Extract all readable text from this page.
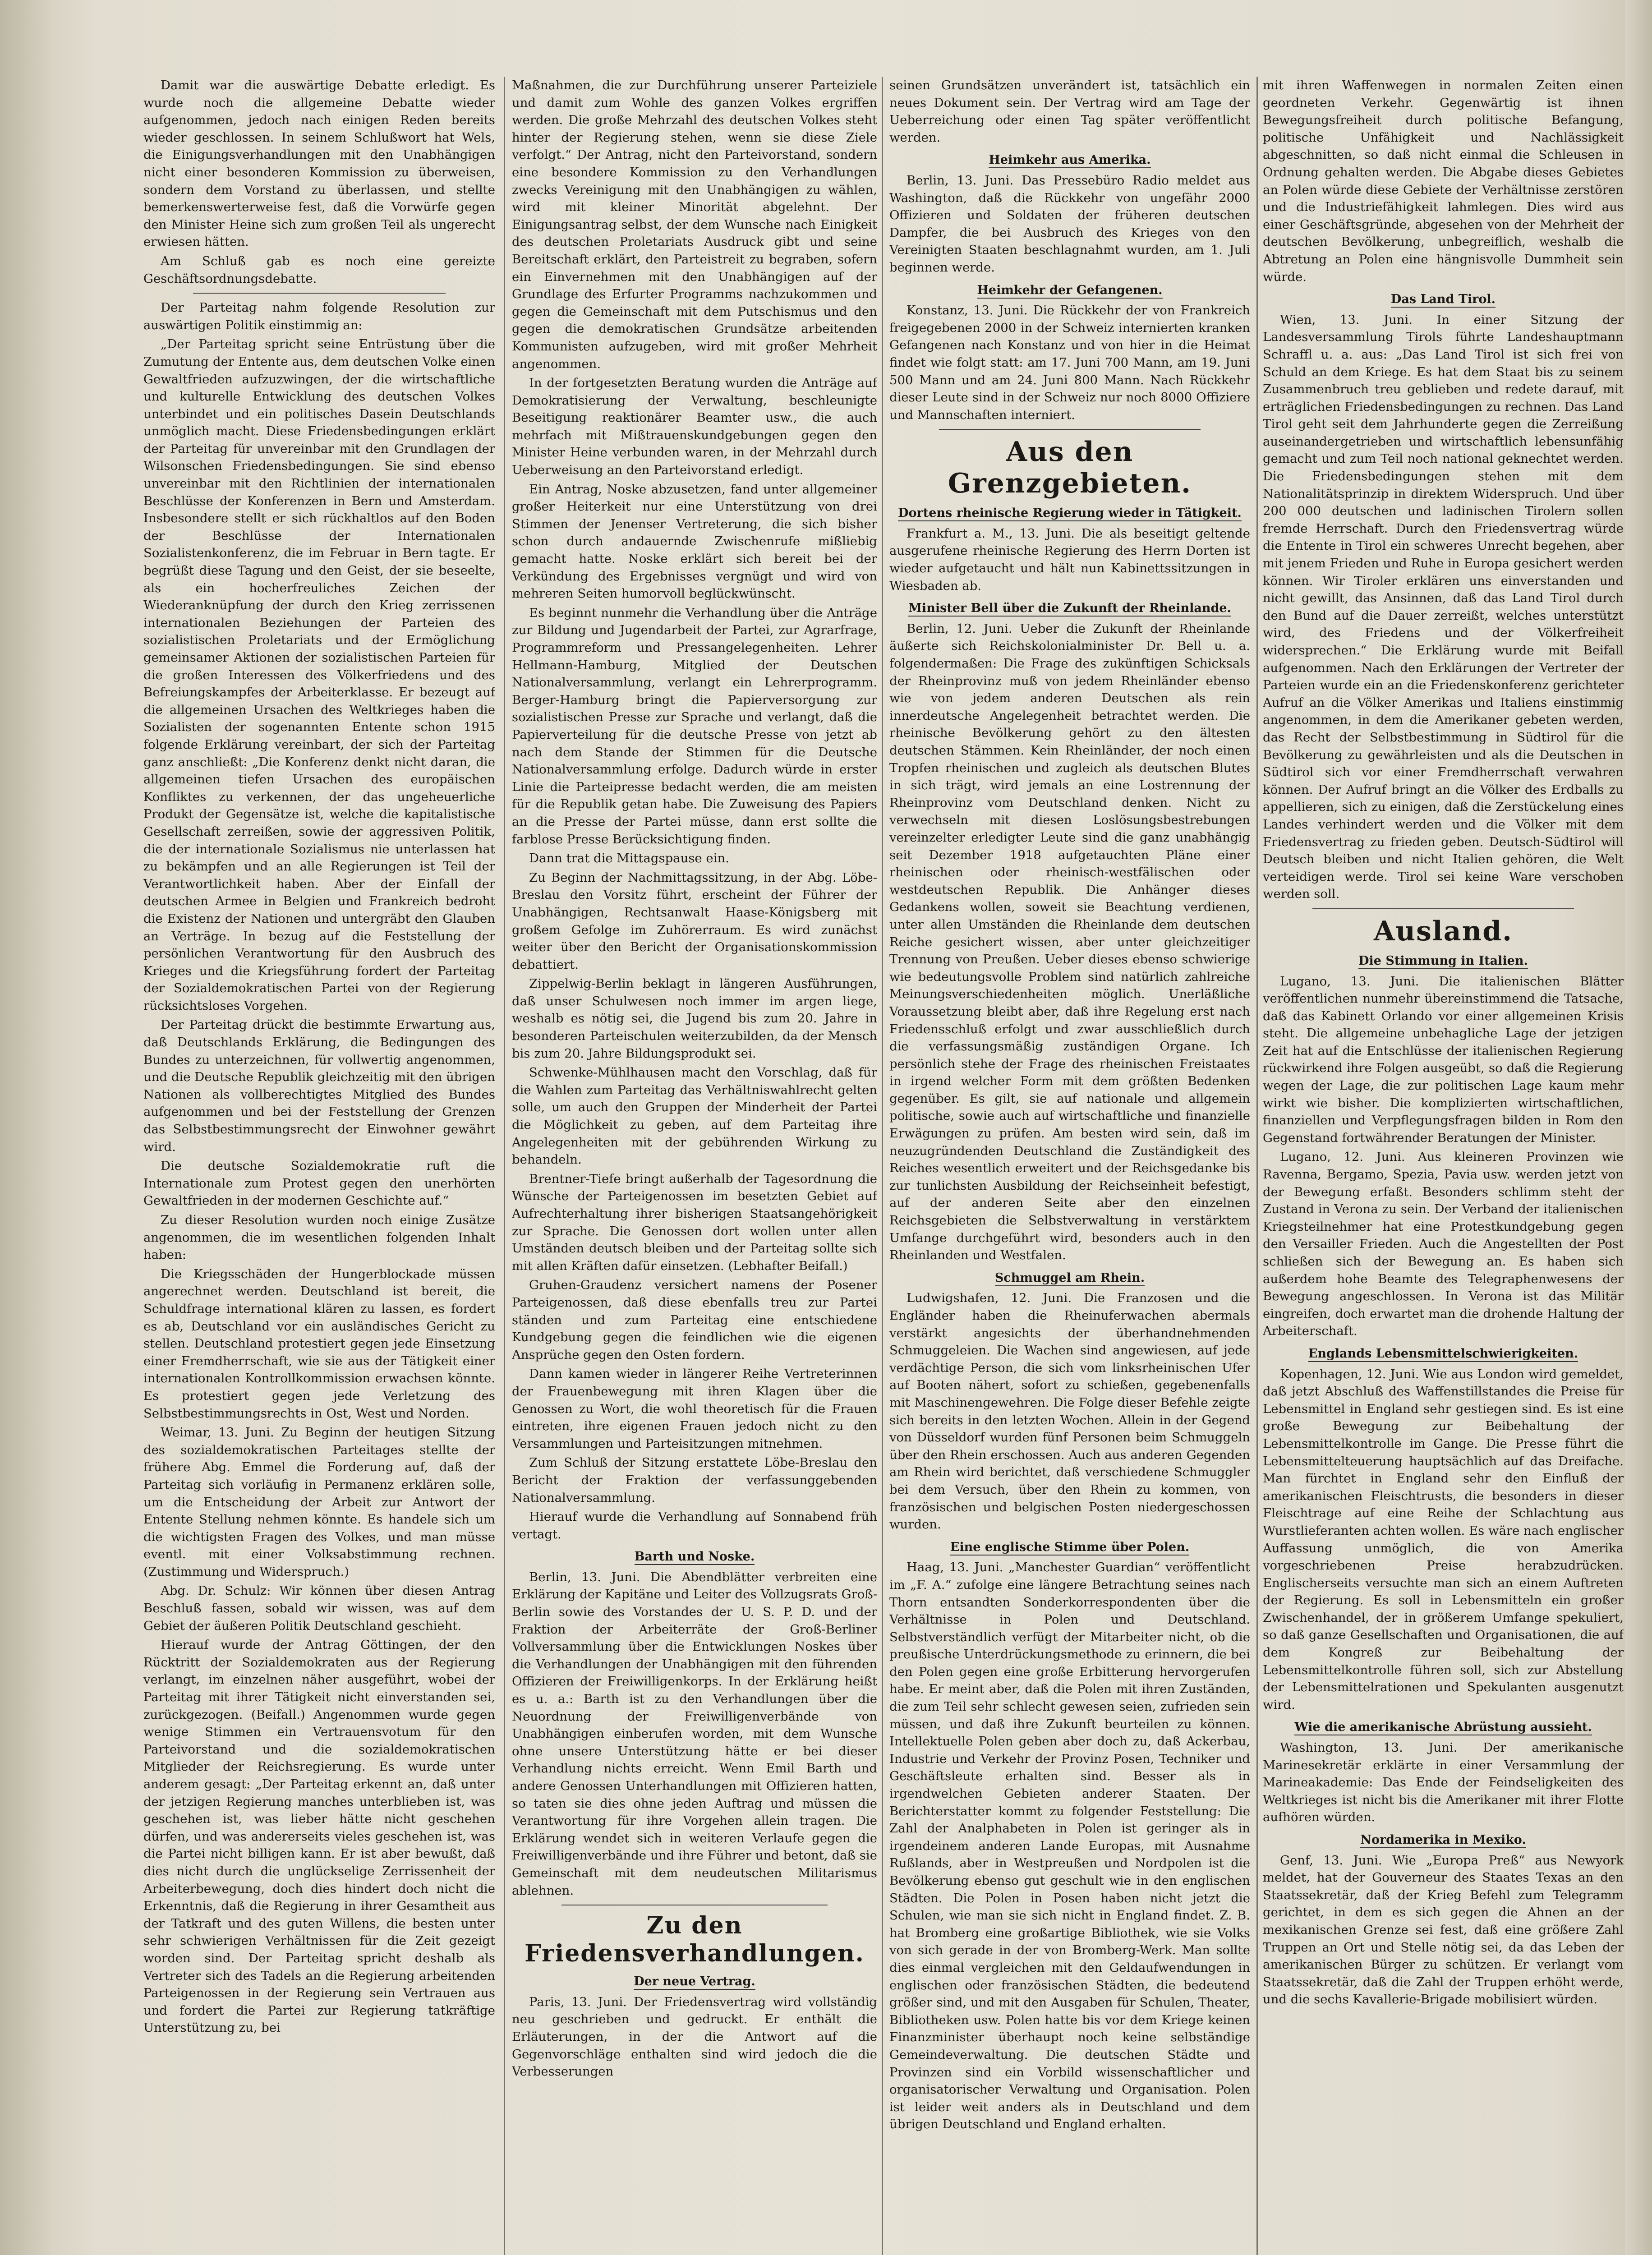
Damit war die auswärtige Debatte erledigt. Es wurde noch die allgemeine Debatte wieder aufgenommen, jedoch nach einigen Reden bereits wieder geschlossen. In seinem Schlußwort hat Wels, die Einigungsverhandlungen mit den Unabhängigen nicht einer besonderen Kommission zu überweisen, sondern dem Vorstand zu überlassen, und stellte bemerkenswerterweise fest, daß die Vorwürfe gegen den Minister Heine sich zum großen Teil als ungerecht erwiesen hätten.

Am Schluß gab es noch eine gereizte Geschäftsordnungsdebatte.

Der Parteitag nahm folgende Resolution zur auswärtigen Politik einstimmig an:

„Der Parteitag spricht seine Entrüstung über die Zumutung der Entente aus, dem deutschen Volke einen Gewaltfrieden aufzuzwingen, der die wirtschaftliche und kulturelle Entwicklung des deutschen Volkes unterbindet und ein politisches Dasein Deutschlands unmöglich macht. Diese Friedensbedingungen erklärt der Parteitag für unvereinbar mit den Grundlagen der Wilsonschen Friedensbedingungen. Sie sind ebenso unvereinbar mit den Richtlinien der internationalen Beschlüsse der Konferenzen in Bern und Amsterdam. Insbesondere stellt er sich rückhaltlos auf den Boden der Beschlüsse der Internationalen Sozialistenkonferenz, die im Februar in Bern tagte. Er begrüßt diese Tagung und den Geist, der sie beseelte, als ein hocherfreuliches Zeichen der Wiederanknüpfung der durch den Krieg zerrissenen internationalen Beziehungen der Parteien des sozialistischen Proletariats und der Ermöglichung gemeinsamer Aktionen der sozialistischen Parteien für die großen Interessen des Völkerfriedens und des Befreiungskampfes der Arbeiterklasse. Er bezeugt auf die allgemeinen Ursachen des Weltkrieges haben die Sozialisten der sogenannten Entente schon 1915 folgende Erklärung vereinbart, der sich der Parteitag ganz anschließt: „Die Konferenz denkt nicht daran, die allgemeinen tiefen Ursachen des europäischen Konfliktes zu verkennen, der das ungeheuerliche Produkt der Gegensätze ist, welche die kapitalistische Gesellschaft zerreißen, sowie der aggressiven Politik, die der internationale Sozialismus nie unterlassen hat zu bekämpfen und an alle Regierungen ist Teil der Verantwortlichkeit haben. Aber der Einfall der deutschen Armee in Belgien und Frankreich bedroht die Existenz der Nationen und untergräbt den Glauben an Verträge. In bezug auf die Feststellung der persönlichen Verantwortung für den Ausbruch des Krieges und die Kriegsführung fordert der Parteitag der Sozialdemokratischen Partei von der Regierung rücksichtsloses Vorgehen.

Der Parteitag drückt die bestimmte Erwartung aus, daß Deutschlands Erklärung, die Bedingungen des Bundes zu unterzeichnen, für vollwertig angenommen, und die Deutsche Republik gleichzeitig mit den übrigen Nationen als vollberechtigtes Mitglied des Bundes aufgenommen und bei der Feststellung der Grenzen das Selbstbestimmungsrecht der Einwohner gewährt wird.

Die deutsche Sozialdemokratie ruft die Internationale zum Protest gegen den unerhörten Gewaltfrieden in der modernen Geschichte auf.“

Zu dieser Resolution wurden noch einige Zusätze angenommen, die im wesentlichen folgenden Inhalt haben:

Die Kriegsschäden der Hungerblockade müssen angerechnet werden. Deutschland ist bereit, die Schuldfrage international klären zu lassen, es fordert es ab, Deutschland vor ein ausländisches Gericht zu stellen. Deutschland protestiert gegen jede Einsetzung einer Fremdherrschaft, wie sie aus der Tätigkeit einer internationalen Kontrollkommission erwachsen könnte. Es protestiert gegen jede Verletzung des Selbstbestimmungsrechts in Ost, West und Norden.

Weimar, 13. Juni. Zu Beginn der heutigen Sitzung des sozialdemokratischen Parteitages stellte der frühere Abg. Emmel die Forderung auf, daß der Parteitag sich vorläufig in Permanenz erklären solle, um die Entscheidung der Arbeit zur Antwort der Entente Stellung nehmen könnte. Es handele sich um die wichtigsten Fragen des Volkes, und man müsse eventl. mit einer Volksabstimmung rechnen. (Zustimmung und Widerspruch.)

Abg. Dr. Schulz: Wir können über diesen Antrag Beschluß fassen, sobald wir wissen, was auf dem Gebiet der äußeren Politik Deutschland geschieht.

Hierauf wurde der Antrag Göttingen, der den Rücktritt der Sozialdemokraten aus der Regierung verlangt, im einzelnen näher ausgeführt, wobei der Parteitag mit ihrer Tätigkeit nicht einverstanden sei, zurückgezogen. (Beifall.) Angenommen wurde gegen wenige Stimmen ein Vertrauensvotum für den Parteivorstand und die sozialdemokratischen Mitglieder der Reichsregierung. Es wurde unter anderem gesagt: „Der Parteitag erkennt an, daß unter der jetzigen Regierung manches unterblieben ist, was geschehen ist, was lieber hätte nicht geschehen dürfen, und was andererseits vieles geschehen ist, was die Partei nicht billigen kann. Er ist aber bewußt, daß dies nicht durch die unglückselige Zerrissenheit der Arbeiterbewegung, doch dies hindert doch nicht die Erkenntnis, daß die Regierung in ihrer Gesamtheit aus der Tatkraft und des guten Willens, die besten unter sehr schwierigen Verhältnissen für die Zeit gezeigt worden sind. Der Parteitag spricht deshalb als Vertreter sich des Tadels an die Regierung arbeitenden Parteigenossen in der Regierung sein Vertrauen aus und fordert die Partei zur Regierung tatkräftige Unterstützung zu, bei

Maßnahmen, die zur Durchführung unserer Parteiziele und damit zum Wohle des ganzen Volkes ergriffen werden. Die große Mehrzahl des deutschen Volkes steht hinter der Regierung stehen, wenn sie diese Ziele verfolgt.“ Der Antrag, nicht den Parteivorstand, sondern eine besondere Kommission zu den Verhandlungen zwecks Vereinigung mit den Unabhängigen zu wählen, wird mit kleiner Minorität abgelehnt. Der Einigungsantrag selbst, der dem Wunsche nach Einigkeit des deutschen Proletariats Ausdruck gibt und seine Bereitschaft erklärt, den Parteistreit zu begraben, sofern ein Einvernehmen mit den Unabhängigen auf der Grundlage des Erfurter Programms nachzukommen und gegen die Gemeinschaft mit dem Putschismus und den gegen die demokratischen Grundsätze arbeitenden Kommunisten aufzugeben, wird mit großer Mehrheit angenommen.

In der fortgesetzten Beratung wurden die Anträge auf Demokratisierung der Verwaltung, beschleunigte Beseitigung reaktionärer Beamter usw., die auch mehrfach mit Mißtrauenskundgebungen gegen den Minister Heine verbunden waren, in der Mehrzahl durch Ueberweisung an den Parteivorstand erledigt.

Ein Antrag, Noske abzusetzen, fand unter allgemeiner großer Heiterkeit nur eine Unterstützung von drei Stimmen der Jenenser Vertreterung, die sich bisher schon durch andauernde Zwischenrufe mißliebig gemacht hatte. Noske erklärt sich bereit bei der Verkündung des Ergebnisses vergnügt und wird von mehreren Seiten humorvoll beglückwünscht.

Es beginnt nunmehr die Verhandlung über die Anträge zur Bildung und Jugendarbeit der Partei, zur Agrarfrage, Programmreform und Pressangelegenheiten. Lehrer Hellmann-Hamburg, Mitglied der Deutschen Nationalversammlung, verlangt ein Lehrerprogramm. Berger-Hamburg bringt die Papierversorgung zur sozialistischen Presse zur Sprache und verlangt, daß die Papierverteilung für die deutsche Presse von jetzt ab nach dem Stande der Stimmen für die Deutsche Nationalversammlung erfolge. Dadurch würde in erster Linie die Parteipresse bedacht werden, die am meisten für die Republik getan habe. Die Zuweisung des Papiers an die Presse der Partei müsse, dann erst sollte die farblose Presse Berücksichtigung finden.

Dann trat die Mittagspause ein.

Zu Beginn der Nachmittagssitzung, in der Abg. Löbe-Breslau den Vorsitz führt, erscheint der Führer der Unabhängigen, Rechtsanwalt Haase-Königsberg mit großem Gefolge im Zuhörerraum. Es wird zunächst weiter über den Bericht der Organisationskommission debattiert.

Zippelwig-Berlin beklagt in längeren Ausführungen, daß unser Schulwesen noch immer im argen liege, weshalb es nötig sei, die Jugend bis zum 20. Jahre in besonderen Parteischulen weiterzubilden, da der Mensch bis zum 20. Jahre Bildungsprodukt sei.

Schwenke-Mühlhausen macht den Vorschlag, daß für die Wahlen zum Parteitag das Verhältniswahlrecht gelten solle, um auch den Gruppen der Minderheit der Partei die Möglichkeit zu geben, auf dem Parteitag ihre Angelegenheiten mit der gebührenden Wirkung zu behandeln.

Brentner-Tiefe bringt außerhalb der Tagesordnung die Wünsche der Parteigenossen im besetzten Gebiet auf Aufrechterhaltung ihrer bisherigen Staatsangehörigkeit zur Sprache. Die Genossen dort wollen unter allen Umständen deutsch bleiben und der Parteitag sollte sich mit allen Kräften dafür einsetzen. (Lebhafter Beifall.)

Gruhen-Graudenz versichert namens der Posener Parteigenossen, daß diese ebenfalls treu zur Partei ständen und zum Parteitag eine entschiedene Kundgebung gegen die feindlichen wie die eigenen Ansprüche gegen den Osten fordern.

Dann kamen wieder in längerer Reihe Vertreterinnen der Frauenbewegung mit ihren Klagen über die Genossen zu Wort, die wohl theoretisch für die Frauen eintreten, ihre eigenen Frauen jedoch nicht zu den Versammlungen und Parteisitzungen mitnehmen.

Zum Schluß der Sitzung erstattete Löbe-Breslau den Bericht der Fraktion der verfassunggebenden Nationalversammlung.

Hierauf wurde die Verhandlung auf Sonnabend früh vertagt.

Barth und Noske.

Berlin, 13. Juni. Die Abendblätter verbreiten eine Erklärung der Kapitäne und Leiter des Vollzugsrats Groß-Berlin sowie des Vorstandes der U. S. P. D. und der Fraktion der Arbeiterräte der Groß-Berliner Vollversammlung über die Entwicklungen Noskes über die Verhandlungen der Unabhängigen mit den führenden Offizieren der Freiwilligenkorps. In der Erklärung heißt es u. a.: Barth ist zu den Verhandlungen über die Neuordnung der Freiwilligenverbände von Unabhängigen einberufen worden, mit dem Wunsche ohne unsere Unterstützung hätte er bei dieser Verhandlung nichts erreicht. Wenn Emil Barth und andere Genossen Unterhandlungen mit Offizieren hatten, so taten sie dies ohne jeden Auftrag und müssen die Verantwortung für ihre Vorgehen allein tragen. Die Erklärung wendet sich in weiteren Verlaufe gegen die Freiwilligenverbände und ihre Führer und betont, daß sie Gemeinschaft mit dem neudeutschen Militarismus ablehnen.

Zu den Friedensverhandlungen.
Der neue Vertrag.

Paris, 13. Juni. Der Friedensvertrag wird vollständig neu geschrieben und gedruckt. Er enthält die Erläuterungen, in der die Antwort auf die Gegenvorschläge enthalten sind wird jedoch die die Verbesserungen

seinen Grundsätzen unverändert ist, tatsächlich ein neues Dokument sein. Der Vertrag wird am Tage der Ueberreichung oder einen Tag später veröffentlicht werden.

Heimkehr aus Amerika.

Berlin, 13. Juni. Das Pressebüro Radio meldet aus Washington, daß die Rückkehr von ungefähr 2000 Offizieren und Soldaten der früheren deutschen Dampfer, die bei Ausbruch des Krieges von den Vereinigten Staaten beschlagnahmt wurden, am 1. Juli beginnen werde.

Heimkehr der Gefangenen.

Konstanz, 13. Juni. Die Rückkehr der von Frankreich freigegebenen 2000 in der Schweiz internierten kranken Gefangenen nach Konstanz und von hier in die Heimat findet wie folgt statt: am 17. Juni 700 Mann, am 19. Juni 500 Mann und am 24. Juni 800 Mann. Nach Rückkehr dieser Leute sind in der Schweiz nur noch 8000 Offiziere und Mannschaften interniert.

Aus den Grenzgebieten.
Dortens rheinische Regierung wieder in Tätigkeit.

Frankfurt a. M., 13. Juni. Die als beseitigt geltende ausgerufene rheinische Regierung des Herrn Dorten ist wieder aufgetaucht und hält nun Kabinettssitzungen in Wiesbaden ab.

Minister Bell über die Zukunft der Rheinlande.

Berlin, 12. Juni. Ueber die Zukunft der Rheinlande äußerte sich Reichskolonialminister Dr. Bell u. a. folgendermaßen: Die Frage des zukünftigen Schicksals der Rheinprovinz muß von jedem Rheinländer ebenso wie von jedem anderen Deutschen als rein innerdeutsche Angelegenheit betrachtet werden. Die rheinische Bevölkerung gehört zu den ältesten deutschen Stämmen. Kein Rheinländer, der noch einen Tropfen rheinischen und zugleich als deutschen Blutes in sich trägt, wird jemals an eine Lostrennung der Rheinprovinz vom Deutschland denken. Nicht zu verwechseln mit diesen Loslösungsbestrebungen vereinzelter erledigter Leute sind die ganz unabhängig seit Dezember 1918 aufgetauchten Pläne einer rheinischen oder rheinisch-westfälischen oder westdeutschen Republik. Die Anhänger dieses Gedankens wollen, soweit sie Beachtung verdienen, unter allen Umständen die Rheinlande dem deutschen Reiche gesichert wissen, aber unter gleichzeitiger Trennung von Preußen. Ueber dieses ebenso schwierige wie bedeutungsvolle Problem sind natürlich zahlreiche Meinungsverschiedenheiten möglich. Unerläßliche Voraussetzung bleibt aber, daß ihre Regelung erst nach Friedensschluß erfolgt und zwar ausschließlich durch die verfassungsmäßig zuständigen Organe. Ich persönlich stehe der Frage des rheinischen Freistaates in irgend welcher Form mit dem größten Bedenken gegenüber. Es gilt, sie auf nationale und allgemein politische, sowie auch auf wirtschaftliche und finanzielle Erwägungen zu prüfen. Am besten wird sein, daß im neuzugründenden Deutschland die Zuständigkeit des Reiches wesentlich erweitert und der Reichsgedanke bis zur tunlichsten Ausbildung der Reichseinheit befestigt, auf der anderen Seite aber den einzelnen Reichsgebieten die Selbstverwaltung in verstärktem Umfange durchgeführt wird, besonders auch in den Rheinlanden und Westfalen.

Schmuggel am Rhein.

Ludwigshafen, 12. Juni. Die Franzosen und die Engländer haben die Rheinuferwachen abermals verstärkt angesichts der überhandnehmenden Schmuggeleien. Die Wachen sind angewiesen, auf jede verdächtige Person, die sich vom linksrheinischen Ufer auf Booten nähert, sofort zu schießen, gegebenenfalls mit Maschinengewehren. Die Folge dieser Befehle zeigte sich bereits in den letzten Wochen. Allein in der Gegend von Düsseldorf wurden fünf Personen beim Schmuggeln über den Rhein erschossen. Auch aus anderen Gegenden am Rhein wird berichtet, daß verschiedene Schmuggler bei dem Versuch, über den Rhein zu kommen, von französischen und belgischen Posten niedergeschossen wurden.

Eine englische Stimme über Polen.

Haag, 13. Juni. „Manchester Guardian“ veröffentlicht im „F. A.“ zufolge eine längere Betrachtung seines nach Thorn entsandten Sonderkorrespondenten über die Verhältnisse in Polen und Deutschland. Selbstverständlich verfügt der Mitarbeiter nicht, ob die preußische Unterdrückungsmethode zu erinnern, die bei den Polen gegen eine große Erbitterung hervorgerufen habe. Er meint aber, daß die Polen mit ihren Zuständen, die zum Teil sehr schlecht gewesen seien, zufrieden sein müssen, und daß ihre Zukunft beurteilen zu können. Intellektuelle Polen geben aber doch zu, daß Ackerbau, Industrie und Verkehr der Provinz Posen, Techniker und Geschäftsleute erhalten sind. Besser als in irgendwelchen Gebieten anderer Staaten. Der Berichterstatter kommt zu folgender Feststellung: Die Zahl der Analphabeten in Polen ist geringer als in irgendeinem anderen Lande Europas, mit Ausnahme Rußlands, aber in Westpreußen und Nordpolen ist die Bevölkerung ebenso gut geschult wie in den englischen Städten. Die Polen in Posen haben nicht jetzt die Schulen, wie man sie sich nicht in England findet. Z. B. hat Bromberg eine großartige Bibliothek, wie sie Volks von sich gerade in der von Bromberg-Werk. Man sollte dies einmal vergleichen mit den Geldaufwendungen in englischen oder französischen Städten, die bedeutend größer sind, und mit den Ausgaben für Schulen, Theater, Bibliotheken usw. Polen hatte bis vor dem Kriege keinen Finanzminister überhaupt noch keine selbständige Gemeindeverwaltung. Die deutschen Städte und Provinzen sind ein Vorbild wissenschaftlicher und organisatorischer Verwaltung und Organisation. Polen ist leider weit anders als in Deutschland und dem übrigen Deutschland und England erhalten.

mit ihren Waffenwegen in normalen Zeiten einen geordneten Verkehr. Gegenwärtig ist ihnen Bewegungsfreiheit durch politische Befangung, politische Unfähigkeit und Nachlässigkeit abgeschnitten, so daß nicht einmal die Schleusen in Ordnung gehalten werden. Die Abgabe dieses Gebietes an Polen würde diese Gebiete der Verhältnisse zerstören und die Industriefähigkeit lahmlegen. Dies wird aus einer Geschäftsgründe, abgesehen von der Mehrheit der deutschen Bevölkerung, unbegreiflich, weshalb die Abtretung an Polen eine hängnisvolle Dummheit sein würde.

Das Land Tirol.

Wien, 13. Juni. In einer Sitzung der Landesversammlung Tirols führte Landeshauptmann Schraffl u. a. aus: „Das Land Tirol ist sich frei von Schuld an dem Kriege. Es hat dem Staat bis zu seinem Zusammenbruch treu geblieben und redete darauf, mit erträglichen Friedensbedingungen zu rechnen. Das Land Tirol geht seit dem Jahrhunderte gegen die Zerreißung auseinandergetrieben und wirtschaftlich lebensunfähig gemacht und zum Teil noch national geknechtet werden. Die Friedensbedingungen stehen mit dem Nationalitätsprinzip in direktem Widerspruch. Und über 200 000 deutschen und ladinischen Tirolern sollen fremde Herrschaft. Durch den Friedensvertrag würde die Entente in Tirol ein schweres Unrecht begehen, aber mit jenem Frieden und Ruhe in Europa gesichert werden können. Wir Tiroler erklären uns einverstanden und nicht gewillt, das Ansinnen, daß das Land Tirol durch den Bund auf die Dauer zerreißt, welches unterstützt wird, des Friedens und der Völkerfreiheit widersprechen.“ Die Erklärung wurde mit Beifall aufgenommen. Nach den Erklärungen der Vertreter der Parteien wurde ein an die Friedenskonferenz gerichteter Aufruf an die Völker Amerikas und Italiens einstimmig angenommen, in dem die Amerikaner gebeten werden, das Recht der Selbstbestimmung in Südtirol für die Bevölkerung zu gewährleisten und als die Deutschen in Südtirol sich vor einer Fremdherrschaft verwahren können. Der Aufruf bringt an die Völker des Erdballs zu appellieren, sich zu einigen, daß die Zerstückelung eines Landes verhindert werden und die Völker mit dem Friedensvertrag zu frieden geben. Deutsch-Südtirol will Deutsch bleiben und nicht Italien gehören, die Welt verteidigen werde. Tirol sei keine Ware verschoben werden soll.

Ausland.
Die Stimmung in Italien.

Lugano, 13. Juni. Die italienischen Blätter veröffentlichen nunmehr übereinstimmend die Tatsache, daß das Kabinett Orlando vor einer allgemeinen Krisis steht. Die allgemeine unbehagliche Lage der jetzigen Zeit hat auf die Entschlüsse der italienischen Regierung rückwirkend ihre Folgen ausgeübt, so daß die Regierung wegen der Lage, die zur politischen Lage kaum mehr wirkt wie bisher. Die komplizierten wirtschaftlichen, finanziellen und Verpflegungsfragen bilden in Rom den Gegenstand fortwährender Beratungen der Minister.

Lugano, 12. Juni. Aus kleineren Provinzen wie Ravenna, Bergamo, Spezia, Pavia usw. werden jetzt von der Bewegung erfaßt. Besonders schlimm steht der Zustand in Verona zu sein. Der Verband der italienischen Kriegsteilnehmer hat eine Protestkundgebung gegen den Versailler Frieden. Auch die Angestellten der Post schließen sich der Bewegung an. Es haben sich außerdem hohe Beamte des Telegraphenwesens der Bewegung angeschlossen. In Verona ist das Militär eingreifen, doch erwartet man die drohende Haltung der Arbeiterschaft.

Englands Lebensmittelschwierigkeiten.

Kopenhagen, 12. Juni. Wie aus London wird gemeldet, daß jetzt Abschluß des Waffenstillstandes die Preise für Lebensmittel in England sehr gestiegen sind. Es ist eine große Bewegung zur Beibehaltung der Lebensmittelkontrolle im Gange. Die Presse führt die Lebensmittelteuerung hauptsächlich auf das Dreifache. Man fürchtet in England sehr den Einfluß der amerikanischen Fleischtrusts, die besonders in dieser Fleischtrage auf eine Reihe der Schlachtung aus Wurstlieferanten achten wollen. Es wäre nach englischer Auffassung unmöglich, die von Amerika vorgeschriebenen Preise herabzudrücken. Englischerseits versuchte man sich an einem Auftreten der Regierung. Es soll in Lebensmitteln ein großer Zwischenhandel, der in größerem Umfange spekuliert, so daß ganze Gesellschaften und Organisationen, die auf dem Kongreß zur Beibehaltung der Lebensmittelkontrolle führen soll, sich zur Abstellung der Lebensmittelrationen und Spekulanten ausgenutzt wird.

Wie die amerikanische Abrüstung aussieht.

Washington, 13. Juni. Der amerikanische Marinesekretär erklärte in einer Versammlung der Marineakademie: Das Ende der Feindseligkeiten des Weltkrieges ist nicht bis die Amerikaner mit ihrer Flotte aufhören würden.

Nordamerika in Mexiko.

Genf, 13. Juni. Wie „Europa Preß“ aus Newyork meldet, hat der Gouverneur des Staates Texas an den Staatssekretär, daß der Krieg Befehl zum Telegramm gerichtet, in dem es sich gegen die Ahnen an der mexikanischen Grenze sei fest, daß eine größere Zahl Truppen an Ort und Stelle nötig sei, da das Leben der amerikanischen Bürger zu schützen. Er verlangt vom Staatssekretär, daß die Zahl der Truppen erhöht werde, und die sechs Kavallerie-Brigade mobilisiert würden.
